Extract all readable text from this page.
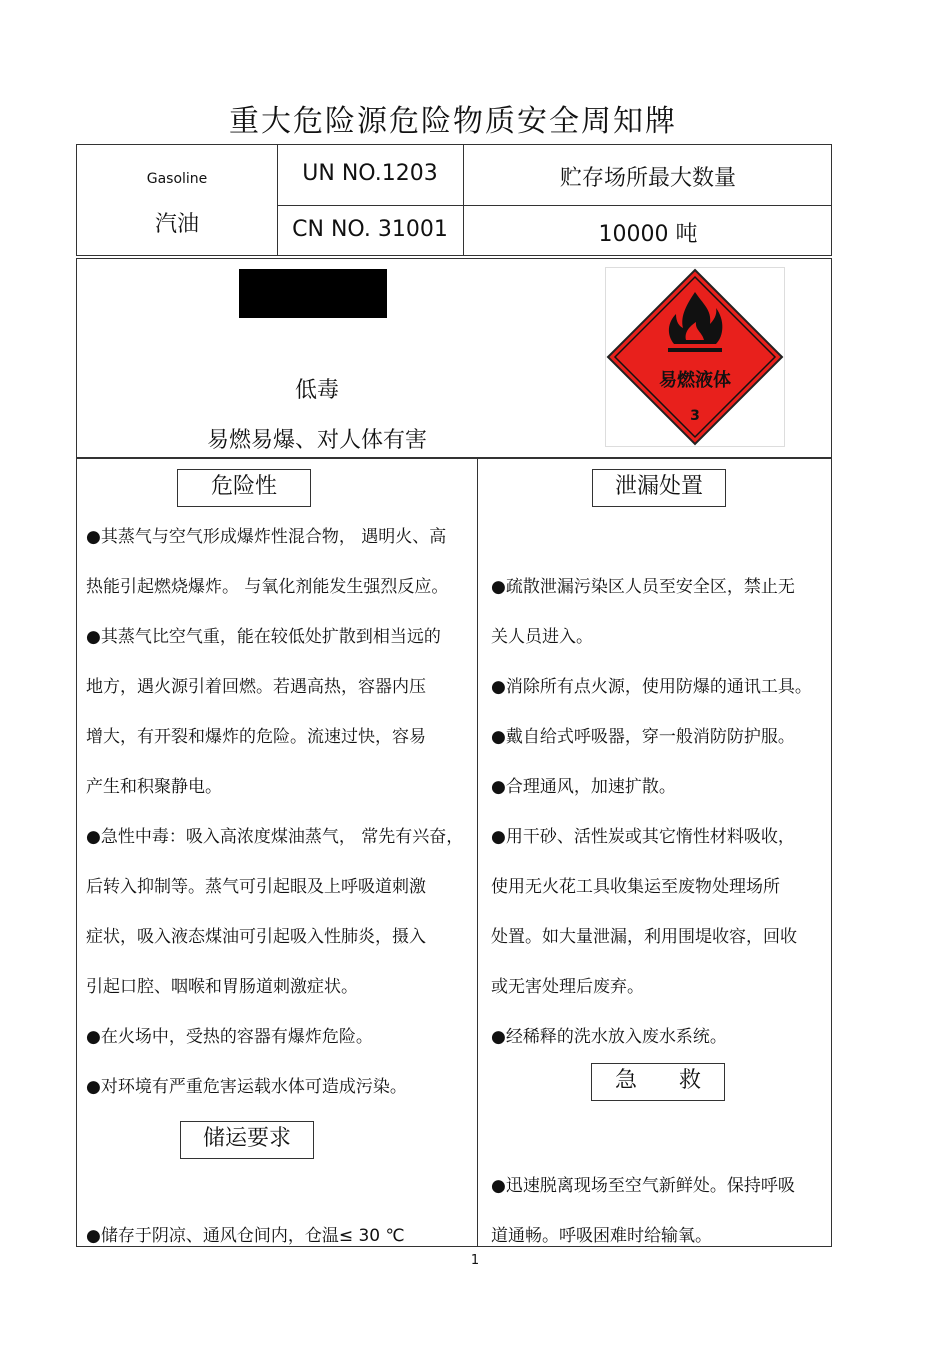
重大危险源危险物质安全周知牌
Gasoline
汽油
UN NO.1203
CN NO. 31001
贮存场所最大数量
10000 吨
低毒
易燃易爆、对人体有害
易燃液体
3
危险性
●其蒸气与空气形成爆炸性混合物， 遇明火、高
热能引起燃烧爆炸。 与氧化剂能发生强烈反应。
●其蒸气比空气重，能在较低处扩散到相当远的
地方，遇火源引着回燃。若遇高热，容器内压
增大，有开裂和爆炸的危险。流速过快，容易
产生和积聚静电。
●急性中毒：吸入高浓度煤油蒸气， 常先有兴奋，
后转入抑制等。蒸气可引起眼及上呼吸道刺激
症状，吸入液态煤油可引起吸入性肺炎，摄入
引起口腔、咽喉和胃肠道刺激症状。
●在火场中，受热的容器有爆炸危险。
●对环境有严重危害运载水体可造成污染。
储运要求
●储存于阴凉、通风仓间内，仓温≤ 30 ℃
泄漏处置
●疏散泄漏污染区人员至安全区，禁止无
关人员进入。
●消除所有点火源，使用防爆的通讯工具。
●戴自给式呼吸器，穿一般消防防护服。
●合理通风，加速扩散。
●用干砂、活性炭或其它惰性材料吸收，
使用无火花工具收集运至废物处理场所
处置。如大量泄漏，利用围堤收容，回收
或无害处理后废弃。
●经稀释的洗水放入废水系统。
急      救
●迅速脱离现场至空气新鲜处。保持呼吸
道通畅。呼吸困难时给输氧。
1
